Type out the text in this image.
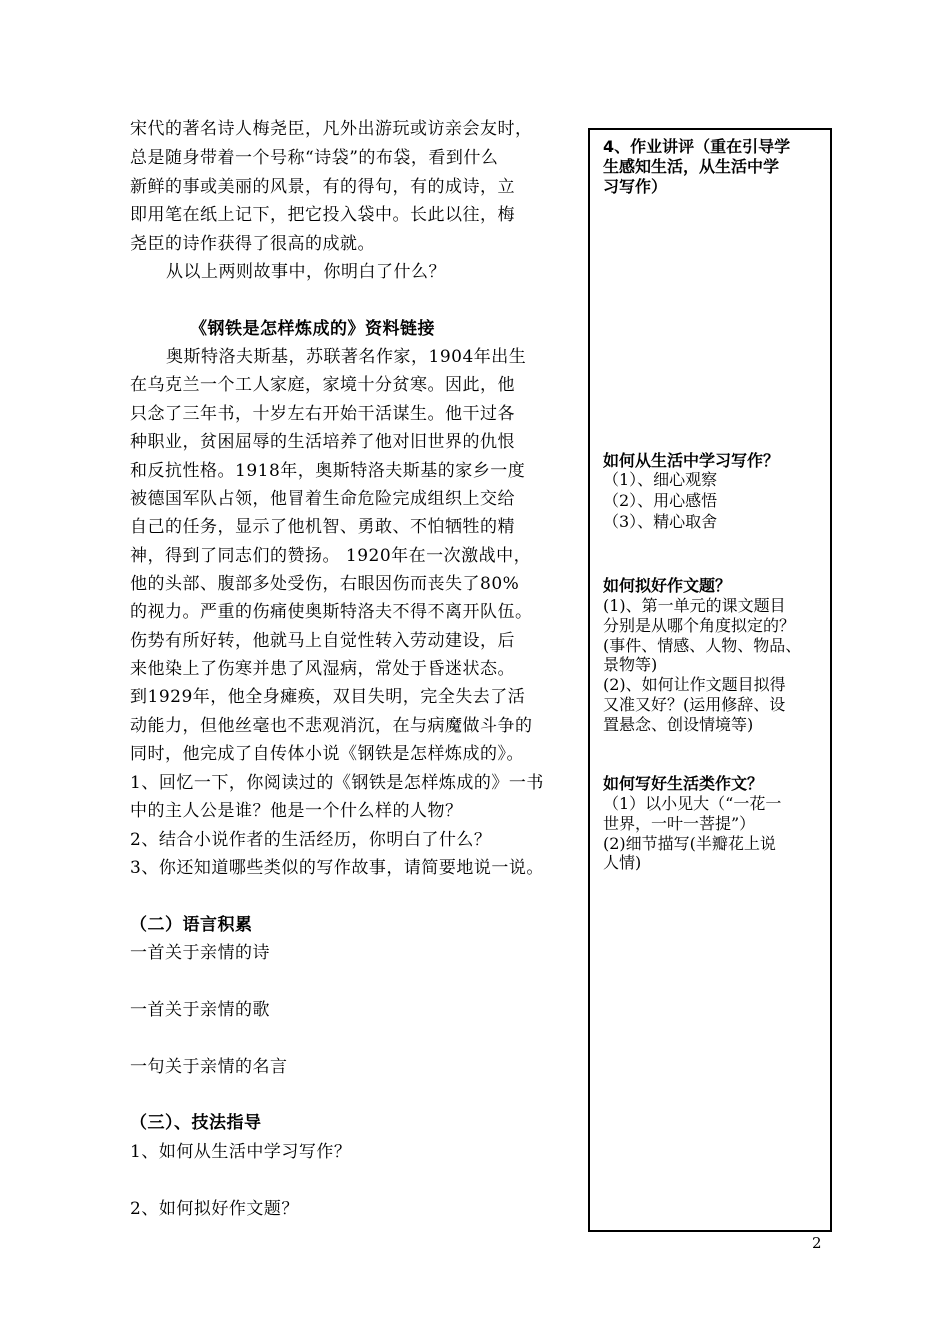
宋代的著名诗人梅尧臣，凡外出游玩或访亲会友时，
总是随身带着一个号称“诗袋”的布袋，看到什么
新鲜的事或美丽的风景，有的得句，有的成诗，立
即用笔在纸上记下，把它投入袋中。长此以往，梅
尧臣的诗作获得了很高的成就。
从以上两则故事中，你明白了什么？
《钢铁是怎样炼成的》资料链接
奥斯特洛夫斯基，苏联著名作家，1904年出生
在乌克兰一个工人家庭，家境十分贫寒。因此，他
只念了三年书，十岁左右开始干活谋生。他干过各
种职业，贫困屈辱的生活培养了他对旧世界的仇恨
和反抗性格。1918年，奥斯特洛夫斯基的家乡一度
被德国军队占领，他冒着生命危险完成组织上交给
自己的任务，显示了他机智、勇敢、不怕牺牲的精
神，得到了同志们的赞扬。 1920年在一次激战中，
他的头部、腹部多处受伤，右眼因伤而丧失了80%
的视力。严重的伤痛使奥斯特洛夫不得不离开队伍。
伤势有所好转，他就马上自觉性转入劳动建设，后
来他染上了伤寒并患了风湿病，常处于昏迷状态。
到1929年，他全身瘫痪，双目失明，完全失去了活
动能力，但他丝毫也不悲观消沉，在与病魔做斗争的
同时，他完成了自传体小说《钢铁是怎样炼成的》。
1、回忆一下，你阅读过的《钢铁是怎样炼成的》一书
中的主人公是谁？他是一个什么样的人物？
2、结合小说作者的生活经历，你明白了什么？
3、你还知道哪些类似的写作故事，请简要地说一说。
（二）语言积累
一首关于亲情的诗
一首关于亲情的歌
一句关于亲情的名言
（三）、技法指导
1、如何从生活中学习写作？
2、如何拟好作文题？
4、作业讲评（重在引导学
生感知生活，从生活中学
习写作）
如何从生活中学习写作？
（1）、细心观察
（2）、用心感悟
（3）、精心取舍
如何拟好作文题？
(1)、第一单元的课文题目
分别是从哪个角度拟定的？
(事件、情感、人物、物品、
景物等)
(2)、如何让作文题目拟得
又准又好？(运用修辞、设
置悬念、创设情境等)
如何写好生活类作文？
（1）以小见大（“一花一
世界，一叶一菩提”）
(2)细节描写(半瓣花上说
人情)
2
